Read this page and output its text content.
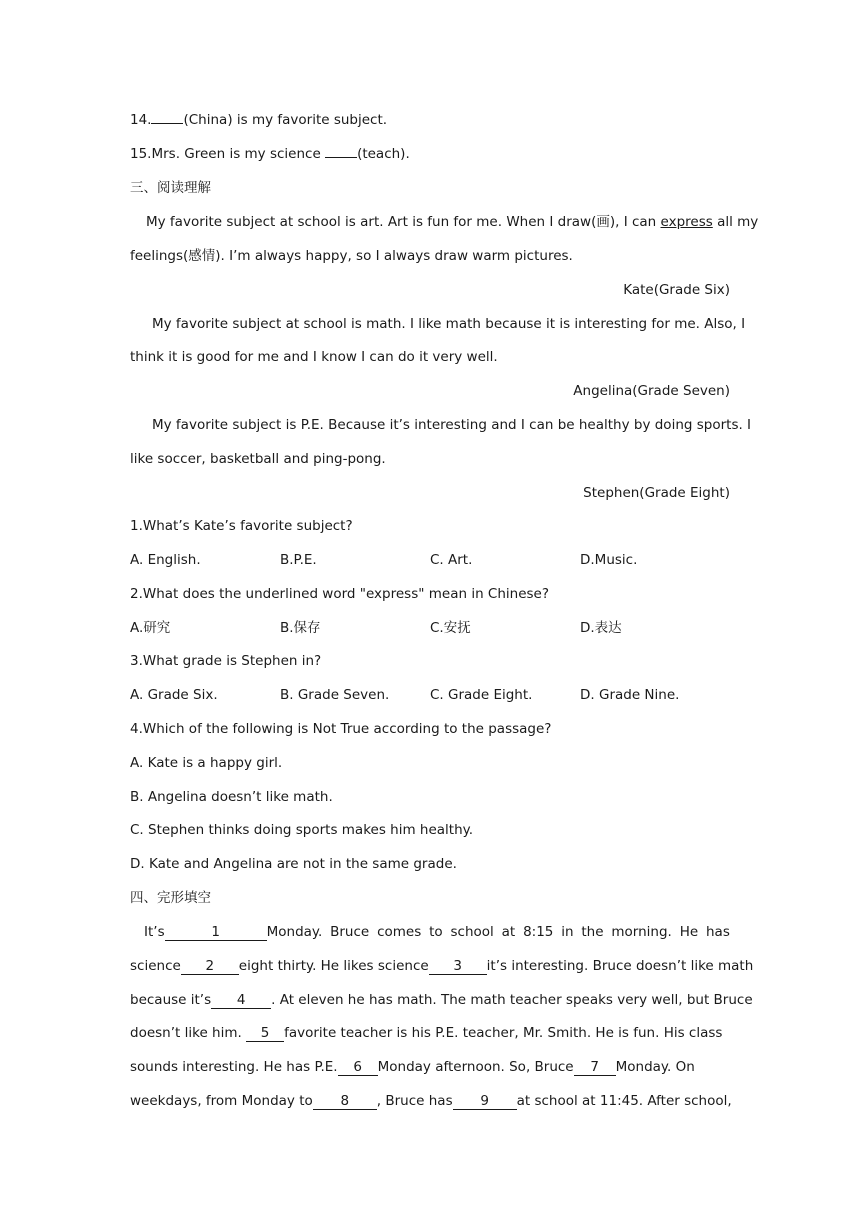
14. (China) is my favorite subject.
15.Mrs. Green is my science (teach).
三、阅读理解
My favorite subject at school is art. Art is fun for me. When I draw(画), I can express all my
feelings(感情). I’m always happy, so I always draw warm pictures.
Kate(Grade Six)
My favorite subject at school is math. I like math because it is interesting for me. Also, I
think it is good for me and I know I can do it very well.
Angelina(Grade Seven)
My favorite subject is P.E. Because it’s interesting and I can be healthy by doing sports. I
like soccer, basketball and ping-pong.
Stephen(Grade Eight)
1.What’s Kate’s favorite subject?
A. English.	B.P.E.	C. Art.	D.Music.
2.What does the underlined word "express" mean in Chinese?
A.研究	B.保存	C.安抚	D.表达
3.What grade is Stephen in?
A. Grade Six.	B. Grade Seven.	C. Grade Eight.	D. Grade Nine.
4.Which of the following is Not True according to the passage?
A. Kate is a happy girl.
B. Angelina doesn’t like math.
C. Stephen thinks doing sports makes him healthy.
D. Kate and Angelina are not in the same grade.
四、完形填空
It’s	1	Monday. Bruce comes to school at 8:15 in the morning. He has
science 2 eight thirty. He likes science 3 it’s interesting. Bruce doesn’t like math
because it’s 4 . At eleven he has math. The math teacher speaks very well, but Bruce
doesn’t like him. 5 favorite teacher is his P.E. teacher, Mr. Smith. He is fun. His class
sounds interesting. He has P.E. 6 Monday afternoon. So, Bruce 7 Monday. On
weekdays, from Monday to 8 , Bruce has 9 at school at 11:45. After school,
